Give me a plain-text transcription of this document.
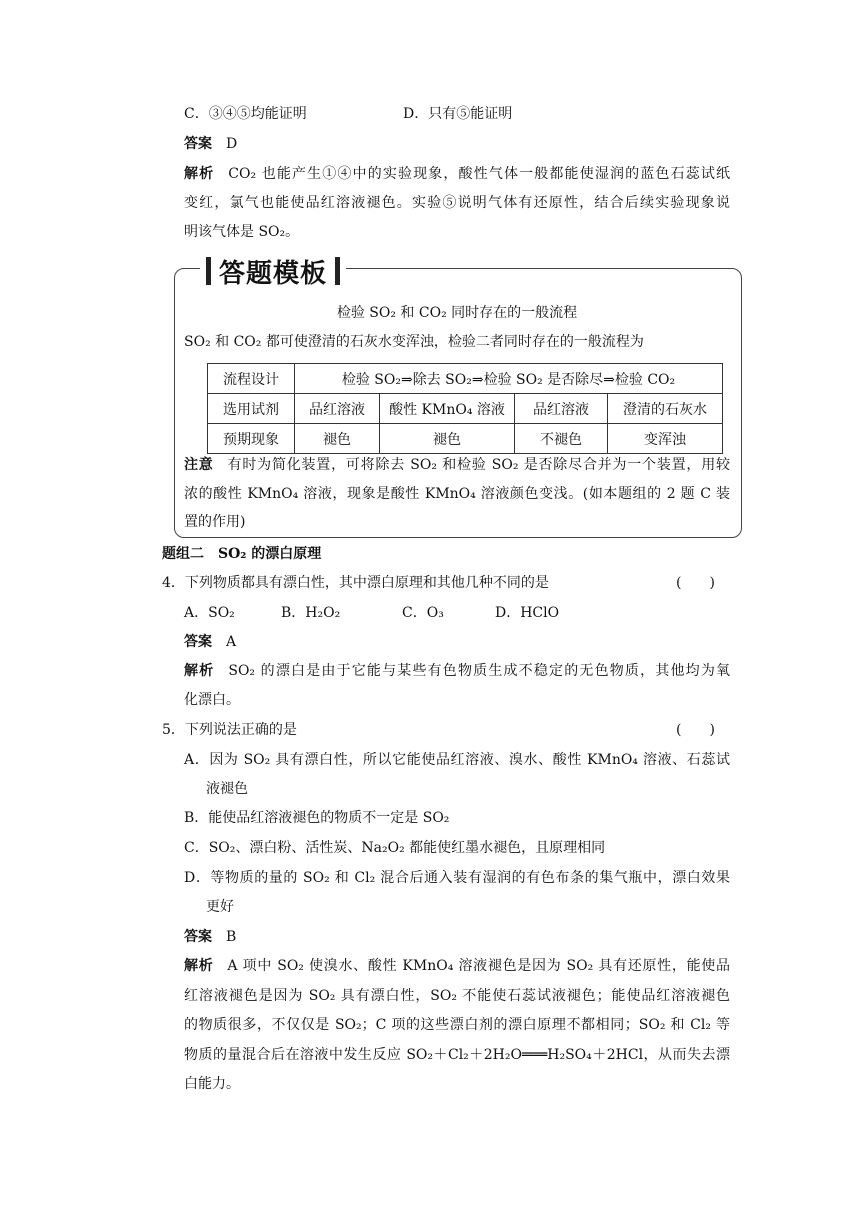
C．③④⑤均能证明	D．只有⑤能证明
答案 D
解析 CO₂ 也能产生①④中的实验现象，酸性气体一般都能使湿润的蓝色石蕊试纸
变红，氯气也能使品红溶液褪色。实验⑤说明气体有还原性，结合后续实验现象说
明该气体是 SO₂。
答题模板
检验 SO₂ 和 CO₂ 同时存在的一般流程
SO₂ 和 CO₂ 都可使澄清的石灰水变浑浊，检验二者同时存在的一般流程为
流程设计	检验 SO₂⇒除去 SO₂⇒检验 SO₂ 是否除尽⇒检验 CO₂			
选用试剂	品红溶液	酸性 KMnO₄ 溶液	品红溶液	澄清的石灰水
预期现象	褪色	褪色	不褪色	变浑浊
注意 有时为简化装置，可将除去 SO₂ 和检验 SO₂ 是否除尽合并为一个装置，用较
浓的酸性 KMnO₄ 溶液，现象是酸性 KMnO₄ 溶液颜色变浅。(如本题组的 2 题 C 装
置的作用)
题组二　SO₂ 的漂白原理
4．下列物质都具有漂白性，其中漂白原理和其他几种不同的是	(　　)
A．SO₂	B．H₂O₂	C．O₃	D．HClO
答案 A
解析 SO₂ 的漂白是由于它能与某些有色物质生成不稳定的无色物质，其他均为氧
化漂白。
5．下列说法正确的是	(　　)
A．因为 SO₂ 具有漂白性，所以它能使品红溶液、溴水、酸性 KMnO₄ 溶液、石蕊试
液褪色
B．能使品红溶液褪色的物质不一定是 SO₂
C．SO₂、漂白粉、活性炭、Na₂O₂ 都能使红墨水褪色，且原理相同
D．等物质的量的 SO₂ 和 Cl₂ 混合后通入装有湿润的有色布条的集气瓶中，漂白效果
更好
答案 B
解析 A 项中 SO₂ 使溴水、酸性 KMnO₄ 溶液褪色是因为 SO₂ 具有还原性，能使品
红溶液褪色是因为 SO₂ 具有漂白性，SO₂ 不能使石蕊试液褪色；能使品红溶液褪色
的物质很多，不仅仅是 SO₂；C 项的这些漂白剂的漂白原理不都相同；SO₂ 和 Cl₂ 等
物质的量混合后在溶液中发生反应 SO₂＋Cl₂＋2H₂O═══H₂SO₄＋2HCl，从而失去漂
白能力。
